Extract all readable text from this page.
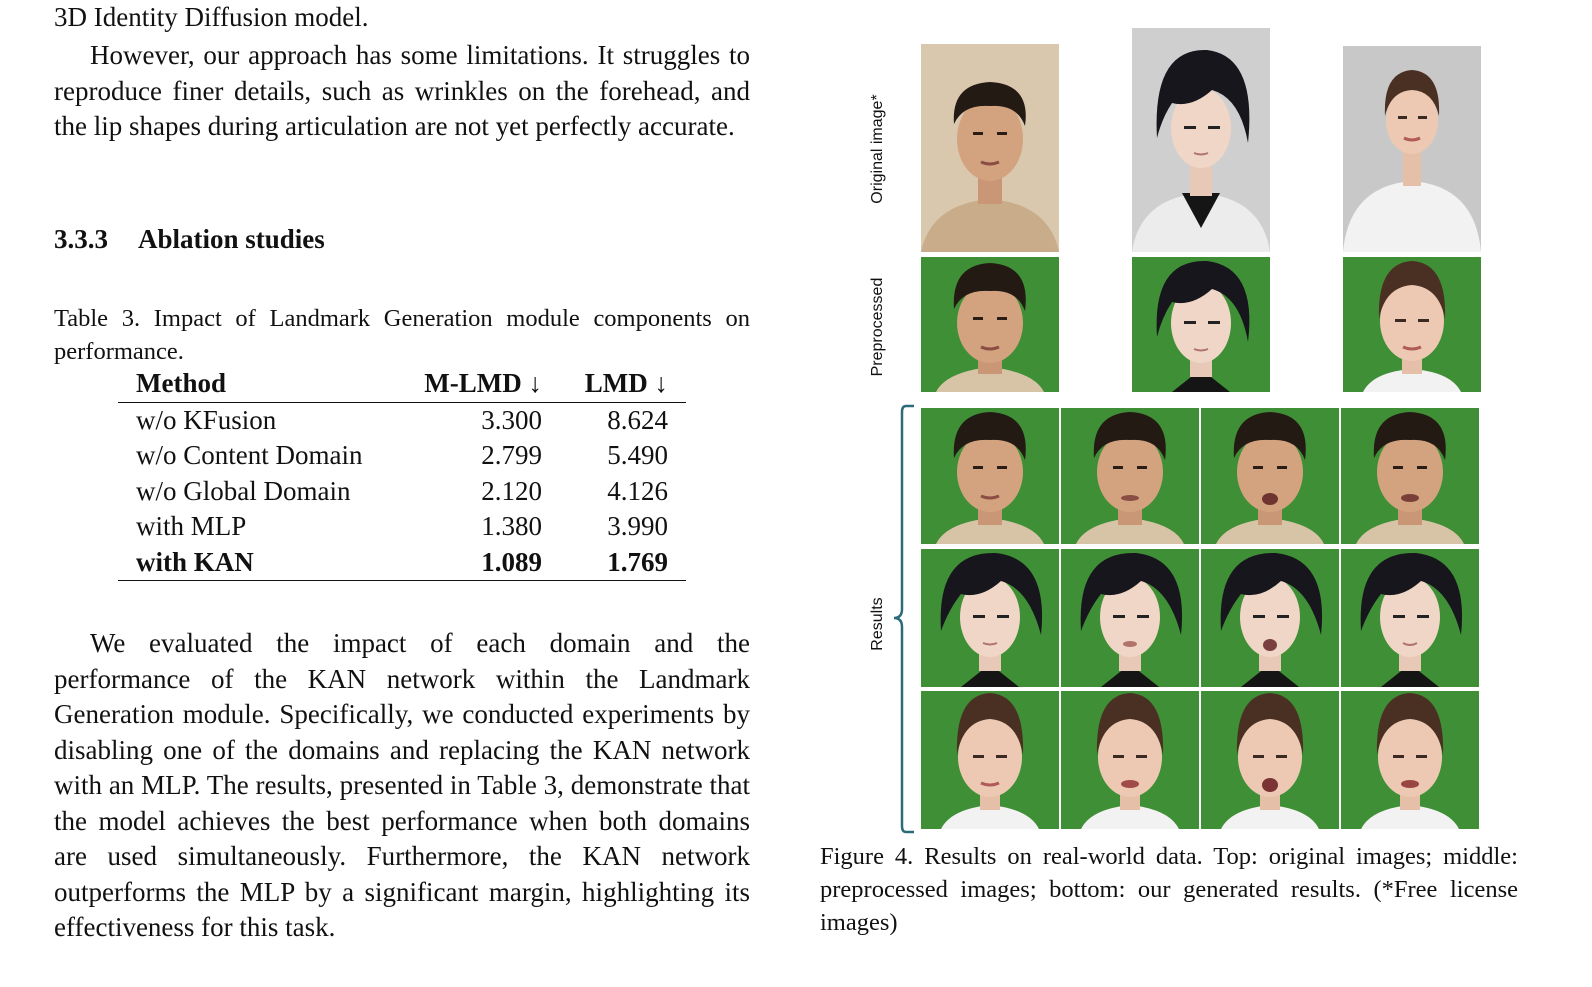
3D Identity Diffusion model.

However, our approach has some limitations. It struggles to reproduce finer details, such as wrinkles on the forehead, and the lip shapes during articulation are not yet perfectly accurate.

3.3.3 Ablation studies
Table 3. Impact of Landmark Generation module components on performance.
Method	M-LMD ↓	LMD ↓
w/o KFusion	3.300	8.624
w/o Content Domain	2.799	5.490
w/o Global Domain	2.120	4.126
with MLP	1.380	3.990
with KAN	1.089	1.769

We evaluated the impact of each domain and the performance of the KAN network within the Landmark Generation module. Specifically, we conducted experiments by disabling one of the domains and replacing the KAN network with an MLP. The results, presented in Table 3, demonstrate that the model achieves the best performance when both domains are used simultaneously. Furthermore, the KAN network outperforms the MLP by a significant margin, highlighting its effectiveness for this task.

Original image*
Preprocessed
Results
Figure 4. Results on real-world data. Top: original images; middle: preprocessed images; bottom: our generated results. (*Free license images)
